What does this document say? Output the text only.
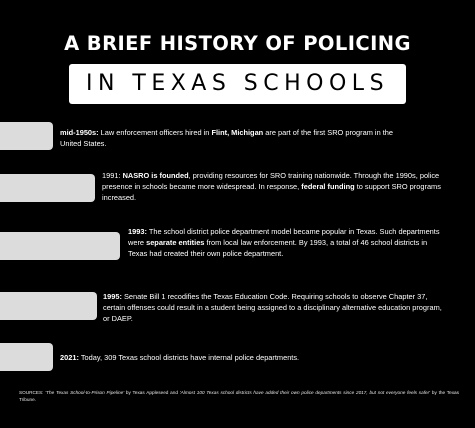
A BRIEF HISTORY OF POLICING
IN TEXAS SCHOOLS
mid-1950s: Law enforcement officers hired in Flint, Michigan are part of the first SRO program in the United States.
1991: NASRO is founded, providing resources for SRO training nationwide. Through the 1990s, police presence in schools became more widespread. In response, federal funding to support SRO programs increased.
1993: The school district police department model became popular in Texas. Such departments were separate entities from local law enforcement. By 1993, a total of 46 school districts in Texas had created their own police department.
1995: Senate Bill 1 recodifies the Texas Education Code. Requiring schools to observe Chapter 37, certain offenses could result in a student being assigned to a disciplinary alternative education program, or DAEP.
2021: Today, 309 Texas school districts have internal police departments.
SOURCES: 'The Texas School-to-Prison Pipeline' by Texas Appleseed and 'Almost 100 Texas school districts have added their own police departments since 2017, but not everyone feels safer' by the Texas Tribune.
